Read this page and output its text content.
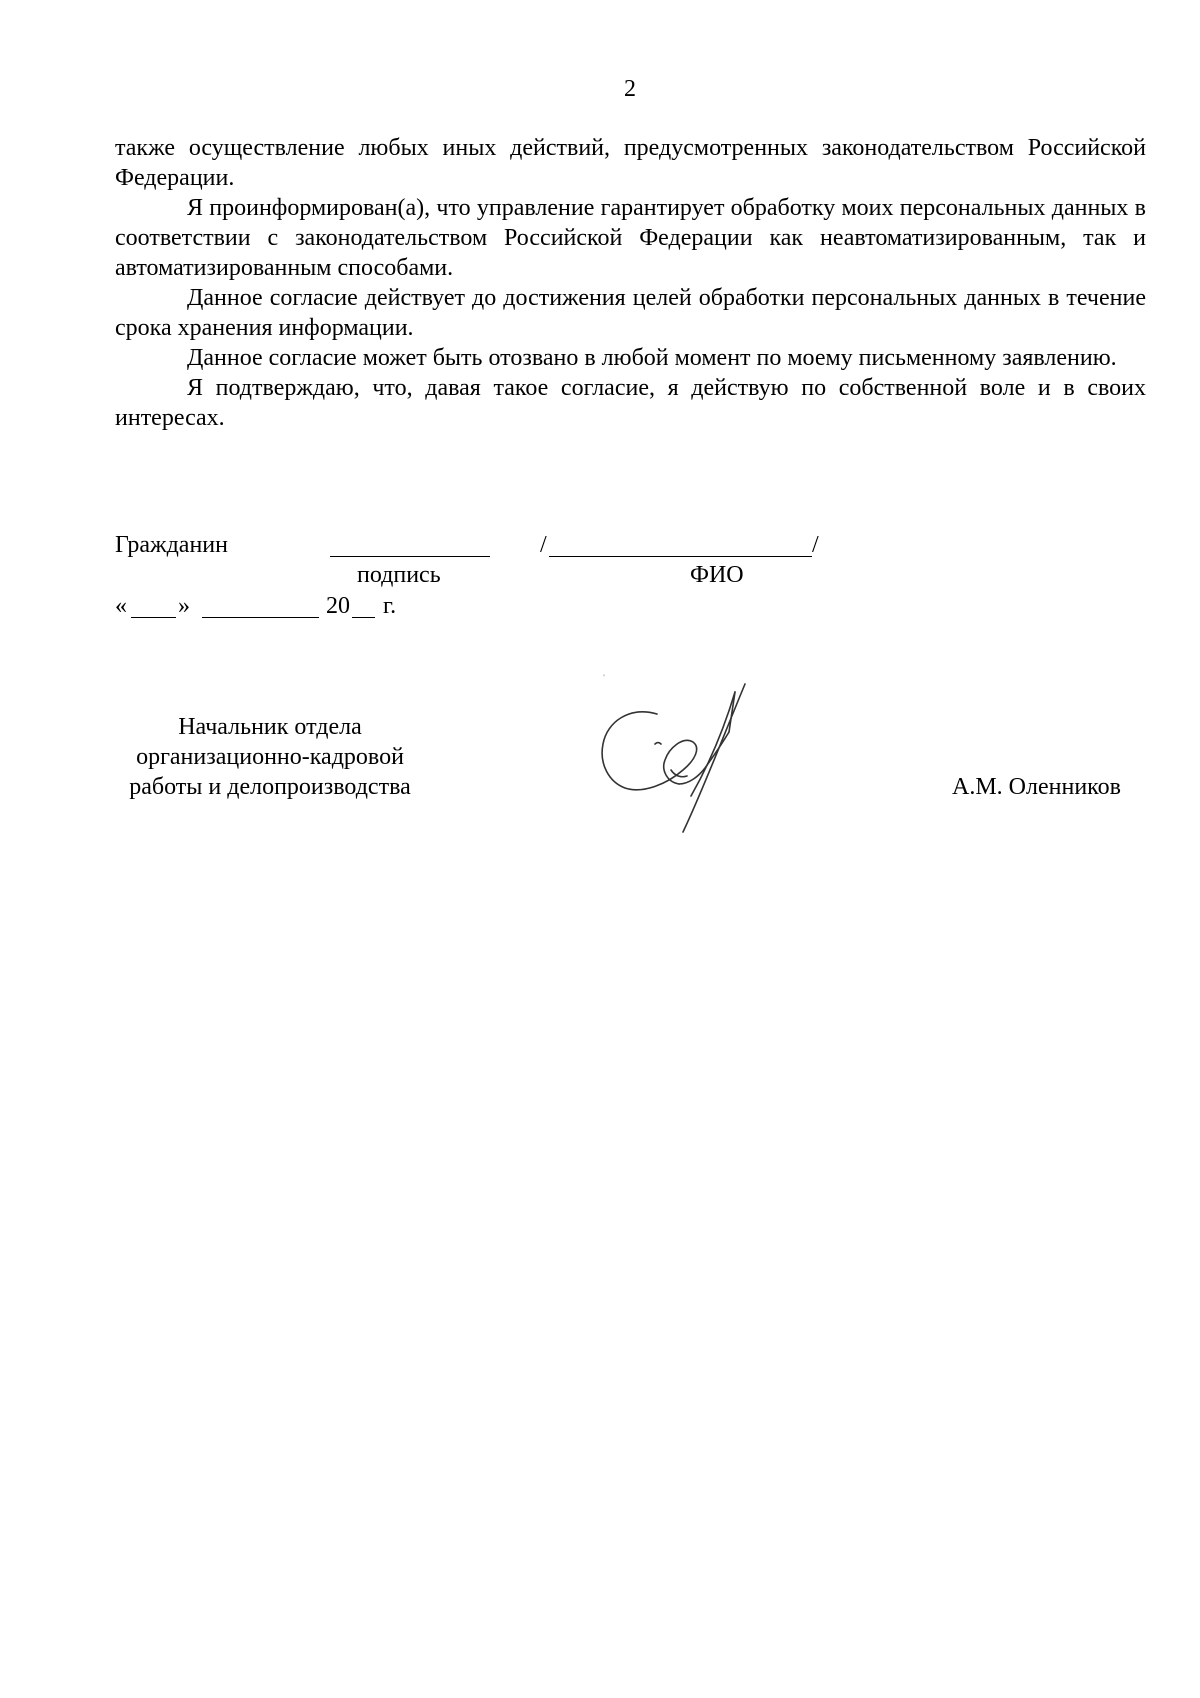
2

также осуществление любых иных действий, предусмотренных законодательством Российской Федерации.

Я проинформирован(а), что управление гарантирует обработку моих персональных данных в соответствии с законодательством Российской Федерации как неавтоматизированным, так и автоматизированным способами.

Данное согласие действует до достижения целей обработки персональных данных в течение срока хранения информации.

Данное согласие может быть отозвано в любой момент по моему письменному заявлению.

Я подтверждаю, что, давая такое согласие, я действую по собственной воле и в своих интересах.

Гражданин	/	/
подпись	ФИО
« »	20 г.
Начальник отдела
организационно-кадровой
работы и делопроизводства	А.М. Оленников
